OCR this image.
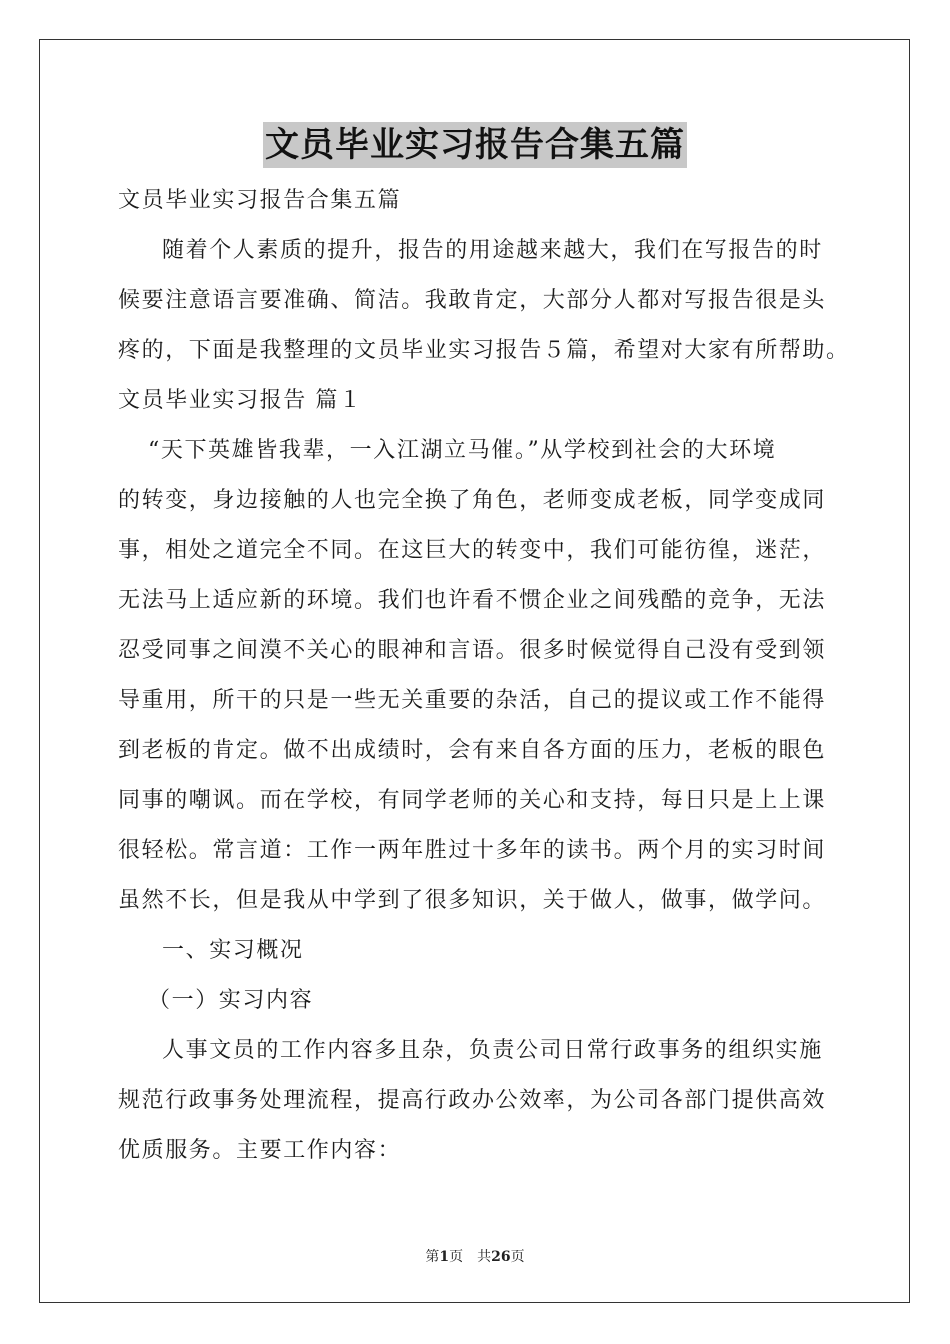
文员毕业实习报告合集五篇
文员毕业实习报告合集五篇
随着个人素质的提升，报告的用途越来越大，我们在写报告的时
候要注意语言要准确、简洁。我敢肯定，大部分人都对写报告很是头
疼的，下面是我整理的文员毕业实习报告５篇，希望对大家有所帮助。
文员毕业实习报告 篇１
“天下英雄皆我辈，一入江湖立马催。”从学校到社会的大环境
的转变，身边接触的人也完全换了角色，老师变成老板，同学变成同
事，相处之道完全不同。在这巨大的转变中，我们可能彷徨，迷茫，
无法马上适应新的环境。我们也许看不惯企业之间残酷的竞争，无法
忍受同事之间漠不关心的眼神和言语。很多时候觉得自己没有受到领
导重用，所干的只是一些无关重要的杂活，自己的提议或工作不能得
到老板的肯定。做不出成绩时，会有来自各方面的压力，老板的眼色
同事的嘲讽。而在学校，有同学老师的关心和支持，每日只是上上课
很轻松。常言道：工作一两年胜过十多年的读书。两个月的实习时间
虽然不长，但是我从中学到了很多知识，关于做人，做事，做学问。
一、实习概况
（一）实习内容
人事文员的工作内容多且杂，负责公司日常行政事务的组织实施
规范行政事务处理流程，提高行政办公效率，为公司各部门提供高效
优质服务。主要工作内容：
第1页　共26页
